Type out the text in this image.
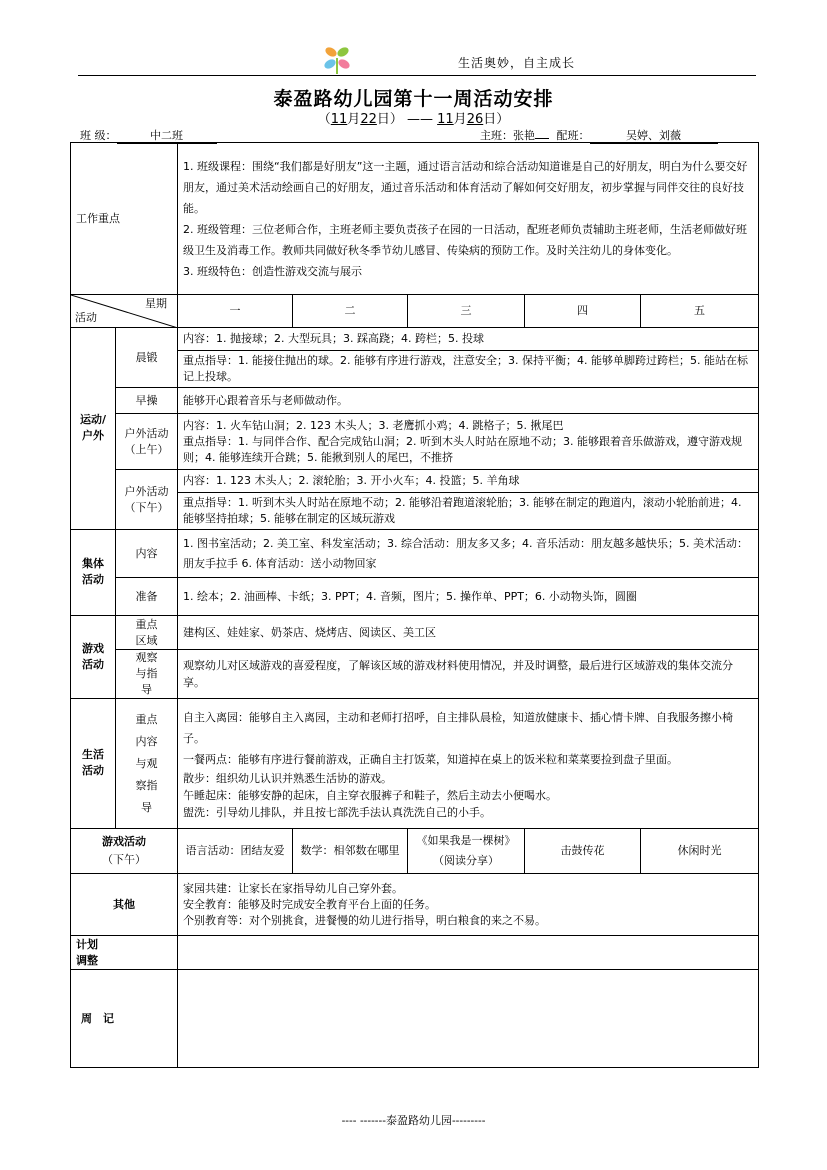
生活奥妙，自主成长
泰盈路幼儿园第十一周活动安排
（11月22日） —— 11月26日）
班 级：	中二班	主班：张艳 配班：	吴婷、刘薇
工作重点		1. 班级课程：围绕“我们都是好朋友”这一主题，通过语言活动和综合活动知道谁是自己的好朋友，明白为什么要交好朋友，通过美术活动绘画自己的好朋友，通过音乐活动和体育活动了解如何交好朋友，初步掌握与同伴交往的良好技能。
2. 班级管理：三位老师合作，主班老师主要负责孩子在园的一日活动，配班老师负责辅助主班老师，生活老师做好班级卫生及消毒工作。教师共同做好秋冬季节幼儿感冒、传染病的预防工作。及时关注幼儿的身体变化。
3. 班级特色：创造性游戏交流与展示				

星期
活动		一	二	三	四	五
运动/户外	晨锻	内容：1. 抛接球；2. 大型玩具；3. 踩高跷；4. 跨栏；5. 投球
重点指导：1. 能接住抛出的球。2. 能够有序进行游戏，注意安全；3. 保持平衡；4. 能够单脚跨过跨栏；5. 能站在标记上投球。				

	早操	能够开心跟着音乐与老师做动作。				
	户外活动（上午）	内容：1. 火车钻山洞；2. 123 木头人；3. 老鹰抓小鸡；4. 跳格子；5. 揪尾巴
重点指导：1. 与同伴合作、配合完成钻山洞；2. 听到木头人时站在原地不动；3. 能够跟着音乐做游戏，遵守游戏规则；4. 能够连续开合跳；5. 能揪到别人的尾巴，不推挤				

	户外活动（下午）	内容：1. 123 木头人；2. 滚轮胎；3. 开小火车；4. 投篮；5. 羊角球
重点指导：1. 听到木头人时站在原地不动；2. 能够沿着跑道滚轮胎；3. 能够在制定的跑道内，滚动小轮胎前进；4. 能够坚持拍球；5. 能够在制定的区域玩游戏				

集体活动	内容	1. 图书室活动；2. 美工室、科发室活动；3. 综合活动：朋友多又多；4. 音乐活动：朋友越多越快乐；5. 美术活动：朋友手拉手 6. 体育活动：送小动物回家				
	准备	1. 绘本；2. 油画棒、卡纸；3. PPT；4. 音频，图片；5. 操作单、PPT；6. 小动物头饰，圆圈				
游戏活动	重点区域	建构区、娃娃家、奶茶店、烧烤店、阅读区、美工区				
	观察与指导	观察幼儿对区域游戏的喜爱程度，了解该区域的游戏材料使用情况，并及时调整，最后进行区域游戏的集体交流分享。				
生活活动	重点内容与观察指导	自主入离园：能够自主入离园，主动和老师打招呼，自主排队晨检，知道放健康卡、插心情卡牌、自我服务擦小椅子。
一餐两点：能够有序进行餐前游戏，正确自主打饭菜，知道掉在桌上的饭米粒和菜菜要捡到盘子里面。
散步：组织幼儿认识并熟悉生活协的游戏。
午睡起床：能够安静的起床，自主穿衣服裤子和鞋子，然后主动去小便喝水。
盥洗：引导幼儿排队，并且按七部洗手法认真洗洗自己的小手。				

游戏活动
（下午）		语言活动：团结友爱	数学：相邻数在哪里	《如果我是一棵树》（阅读分享）	击鼓传花	休闲时光
其他		家园共建：让家长在家指导幼儿自己穿外套。
安全教育：能够及时完成安全教育平台上面的任务。
个别教育等：对个别挑食，进餐慢的幼儿进行指导，明白粮食的来之不易。				

计划调整						
周　记						
---- -------泰盈路幼儿园---------
